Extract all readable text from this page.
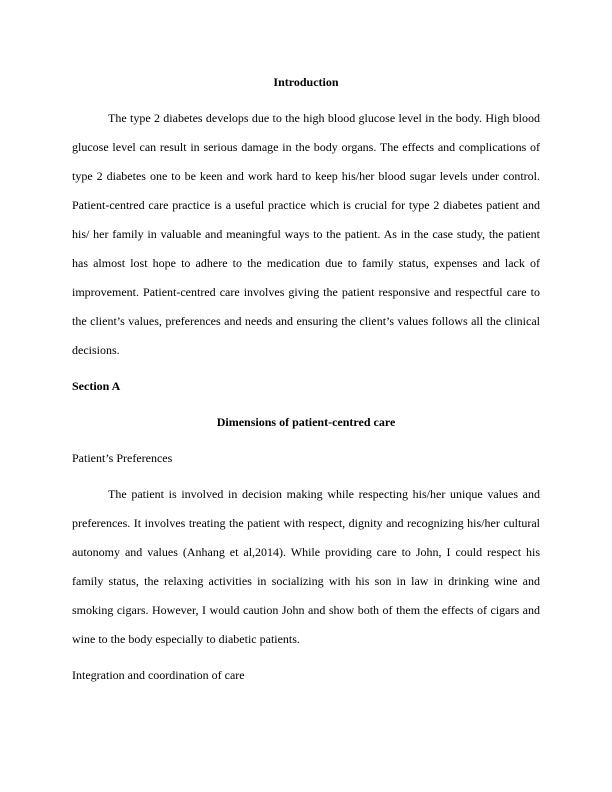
Introduction

The type 2 diabetes develops due to the high blood glucose level in the body. High blood glucose level can result in serious damage in the body organs. The effects and complications of type 2 diabetes one to be keen and work hard to keep his/her blood sugar levels under control. Patient-centred care practice is a useful practice which is crucial for type 2 diabetes patient and his/ her family in valuable and meaningful ways to the patient. As in the case study, the patient has almost lost hope to adhere to the medication due to family status, expenses and lack of improvement. Patient-centred care involves giving the patient responsive and respectful care to the client’s values, preferences and needs and ensuring the client’s values follows all the clinical decisions.

Section A

Dimensions of patient-centred care

Patient’s Preferences

The patient is involved in decision making while respecting his/her unique values and preferences. It involves treating the patient with respect, dignity and recognizing his/her cultural autonomy and values (Anhang et al,2014). While providing care to John, I could respect his family status, the relaxing activities in socializing with his son in law in drinking wine and smoking cigars. However, I would caution John and show both of them the effects of cigars and wine to the body especially to diabetic patients.

Integration and coordination of care
